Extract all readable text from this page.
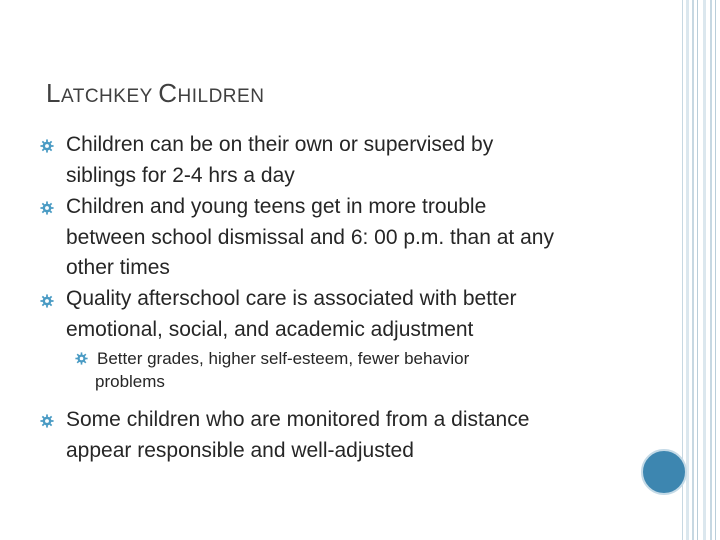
LATCHKEY CHILDREN
Children can be on their own or supervised by
siblings for 2-4 hrs a day
Children and young teens get in more trouble
between school dismissal and 6: 00 p.m. than at any
other times
Quality afterschool care is associated with better
emotional, social, and academic adjustment
Better grades, higher self-esteem, fewer behavior
problems
Some children who are monitored from a distance
appear responsible and well-adjusted
